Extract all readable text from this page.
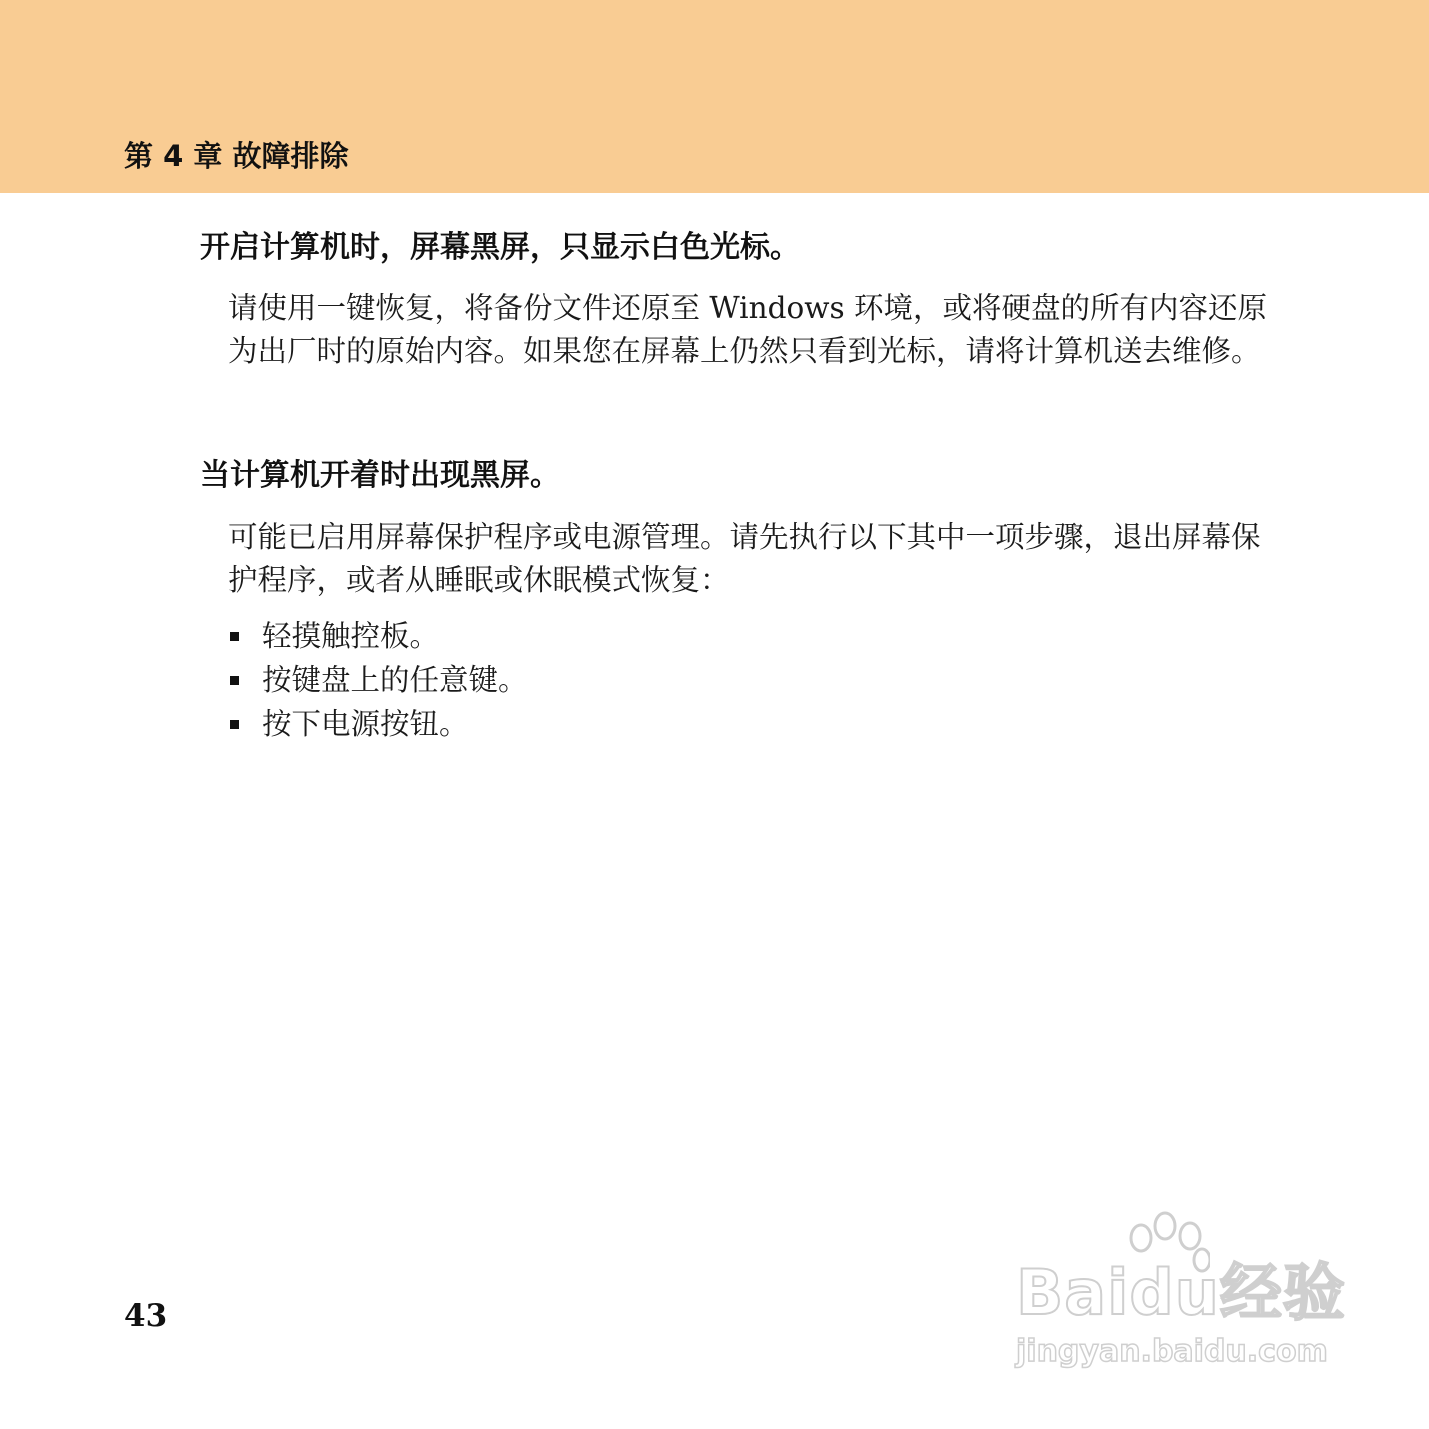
第 4 章 故障排除
开启计算机时，屏幕黑屏，只显示白色光标。

请使用一键恢复，将备份文件还原至 Windows 环境，或将硬盘的所有内容还原为出厂时的原始内容。如果您在屏幕上仍然只看到光标，请将计算机送去维修。

当计算机开着时出现黑屏。

可能已启用屏幕保护程序或电源管理。请先执行以下其中一项步骤，退出屏幕保护程序，或者从睡眠或休眠模式恢复：

轻摸触控板。
按键盘上的任意键。
按下电源按钮。
43	Baidu经验
jingyan.baidu.com
